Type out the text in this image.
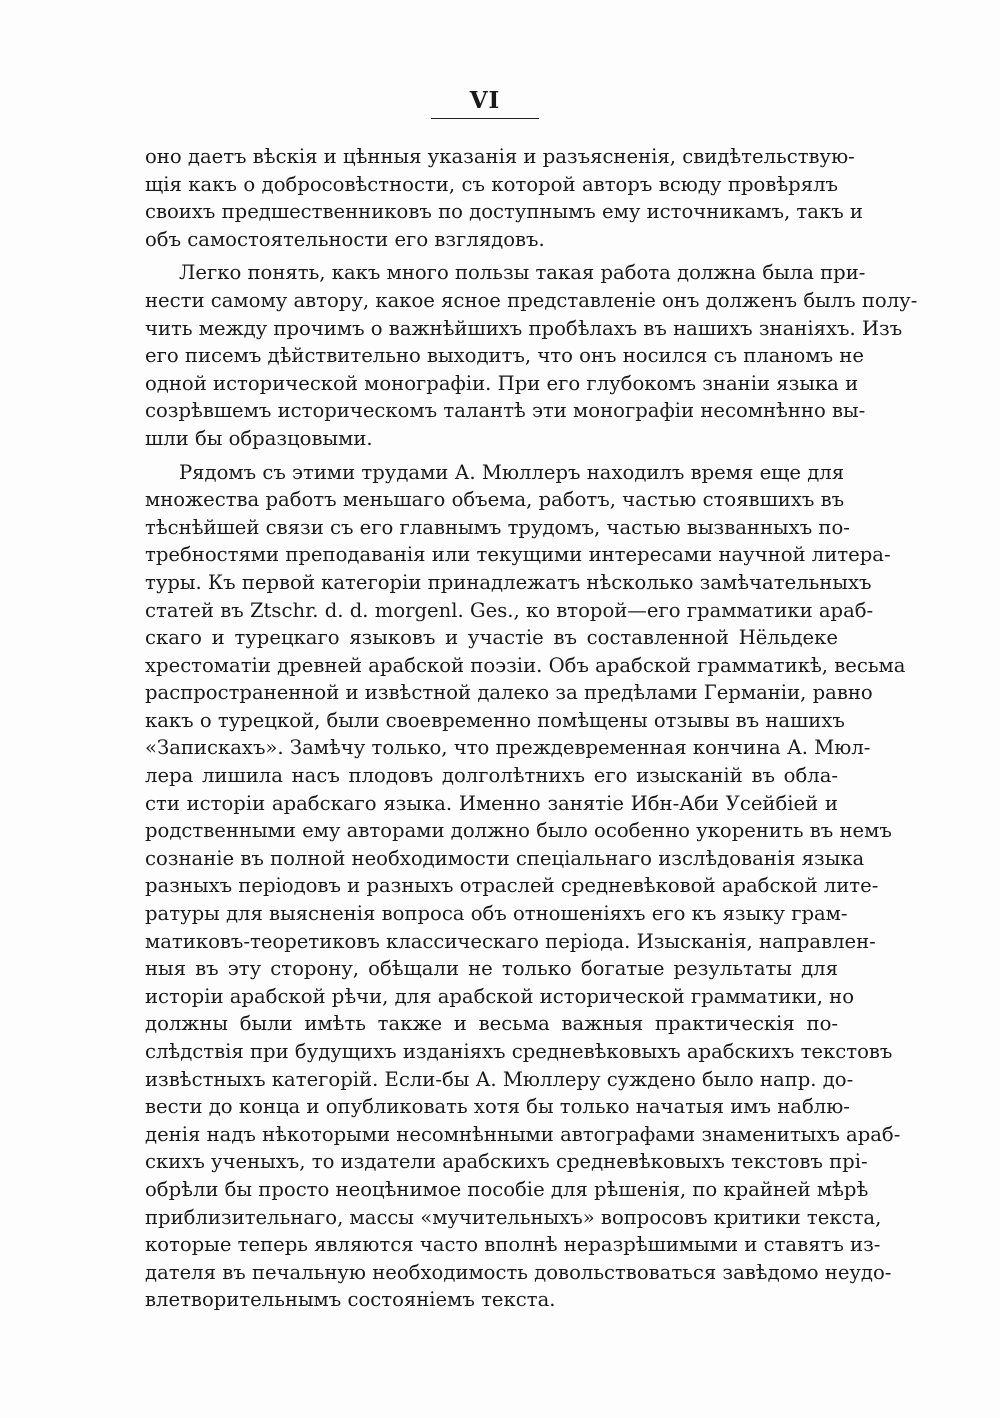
VI
оно даетъ вѣскія и цѣнныя указанія и разъясненія, свидѣтельствую-
щія какъ о добросовѣстности, съ которой авторъ всюду провѣрялъ
своихъ предшественниковъ по доступнымъ ему источникамъ, такъ и
объ самостоятельности его взглядовъ.
Легко понять, какъ много пользы такая работа должна была при-
нести самому автору, какое ясное представленіе онъ долженъ былъ полу-
чить между прочимъ о важнѣйшихъ пробѣлахъ въ нашихъ знаніяхъ. Изъ
его писемъ дѣйствительно выходитъ, что онъ носился съ планомъ не
одной исторической монографіи. При его глубокомъ знаніи языка и
созрѣвшемъ историческомъ талантѣ эти монографіи несомнѣнно вы-
шли бы образцовыми.
Рядомъ съ этими трудами А. Мюллеръ находилъ время еще для
множества работъ меньшаго объема, работъ, частью стоявшихъ въ
тѣснѣйшей связи съ его главнымъ трудомъ, частью вызванныхъ по-
требностями преподаванія или текущими интересами научной литера-
туры. Къ первой категоріи принадлежатъ нѣсколько замѣчательныхъ
статей въ Ztschr. d. d. morgenl. Ges., ко второй—его грамматики араб-
скаго и турецкаго языковъ и участіе въ составленной Нёльдеке
хрестоматіи древней арабской поэзіи. Объ арабской грамматикѣ, весьма
распространенной и извѣстной далеко за предѣлами Германіи, равно
какъ о турецкой, были своевременно помѣщены отзывы въ нашихъ
«Запискахъ». Замѣчу только, что преждевременная кончина А. Мюл-
лера лишила насъ плодовъ долголѣтнихъ его изысканій въ обла-
сти исторіи арабскаго языка. Именно занятіе Ибн-Аби Усейбіей и
родственными ему авторами должно было особенно укоренить въ немъ
сознаніе въ полной необходимости спеціальнаго изслѣдованія языка
разныхъ періодовъ и разныхъ отраслей средневѣковой арабской лите-
ратуры для выясненія вопроса объ отношеніяхъ его къ языку грам-
матиковъ-теоретиковъ классическаго періода. Изысканія, направлен-
ныя въ эту сторону, обѣщали не только богатые результаты для
исторіи арабской рѣчи, для арабской исторической грамматики, но
должны были имѣть также и весьма важныя практическія по-
слѣдствія при будущихъ изданіяхъ средневѣковыхъ арабскихъ текстовъ
извѣстныхъ категорій. Если-бы А. Мюллеру суждено было напр. до-
вести до конца и опубликовать хотя бы только начатыя имъ наблю-
денія надъ нѣкоторыми несомнѣнными автографами знаменитыхъ араб-
скихъ ученыхъ, то издатели арабскихъ средневѣковыхъ текстовъ прі-
обрѣли бы просто неоцѣнимое пособіе для рѣшенія, по крайней мѣрѣ
приблизительнаго, массы «мучительныхъ» вопросовъ критики текста,
которые теперь являются часто вполнѣ неразрѣшимыми и ставятъ из-
дателя въ печальную необходимость довольствоваться завѣдомо неудо-
влетворительнымъ состояніемъ текста.
